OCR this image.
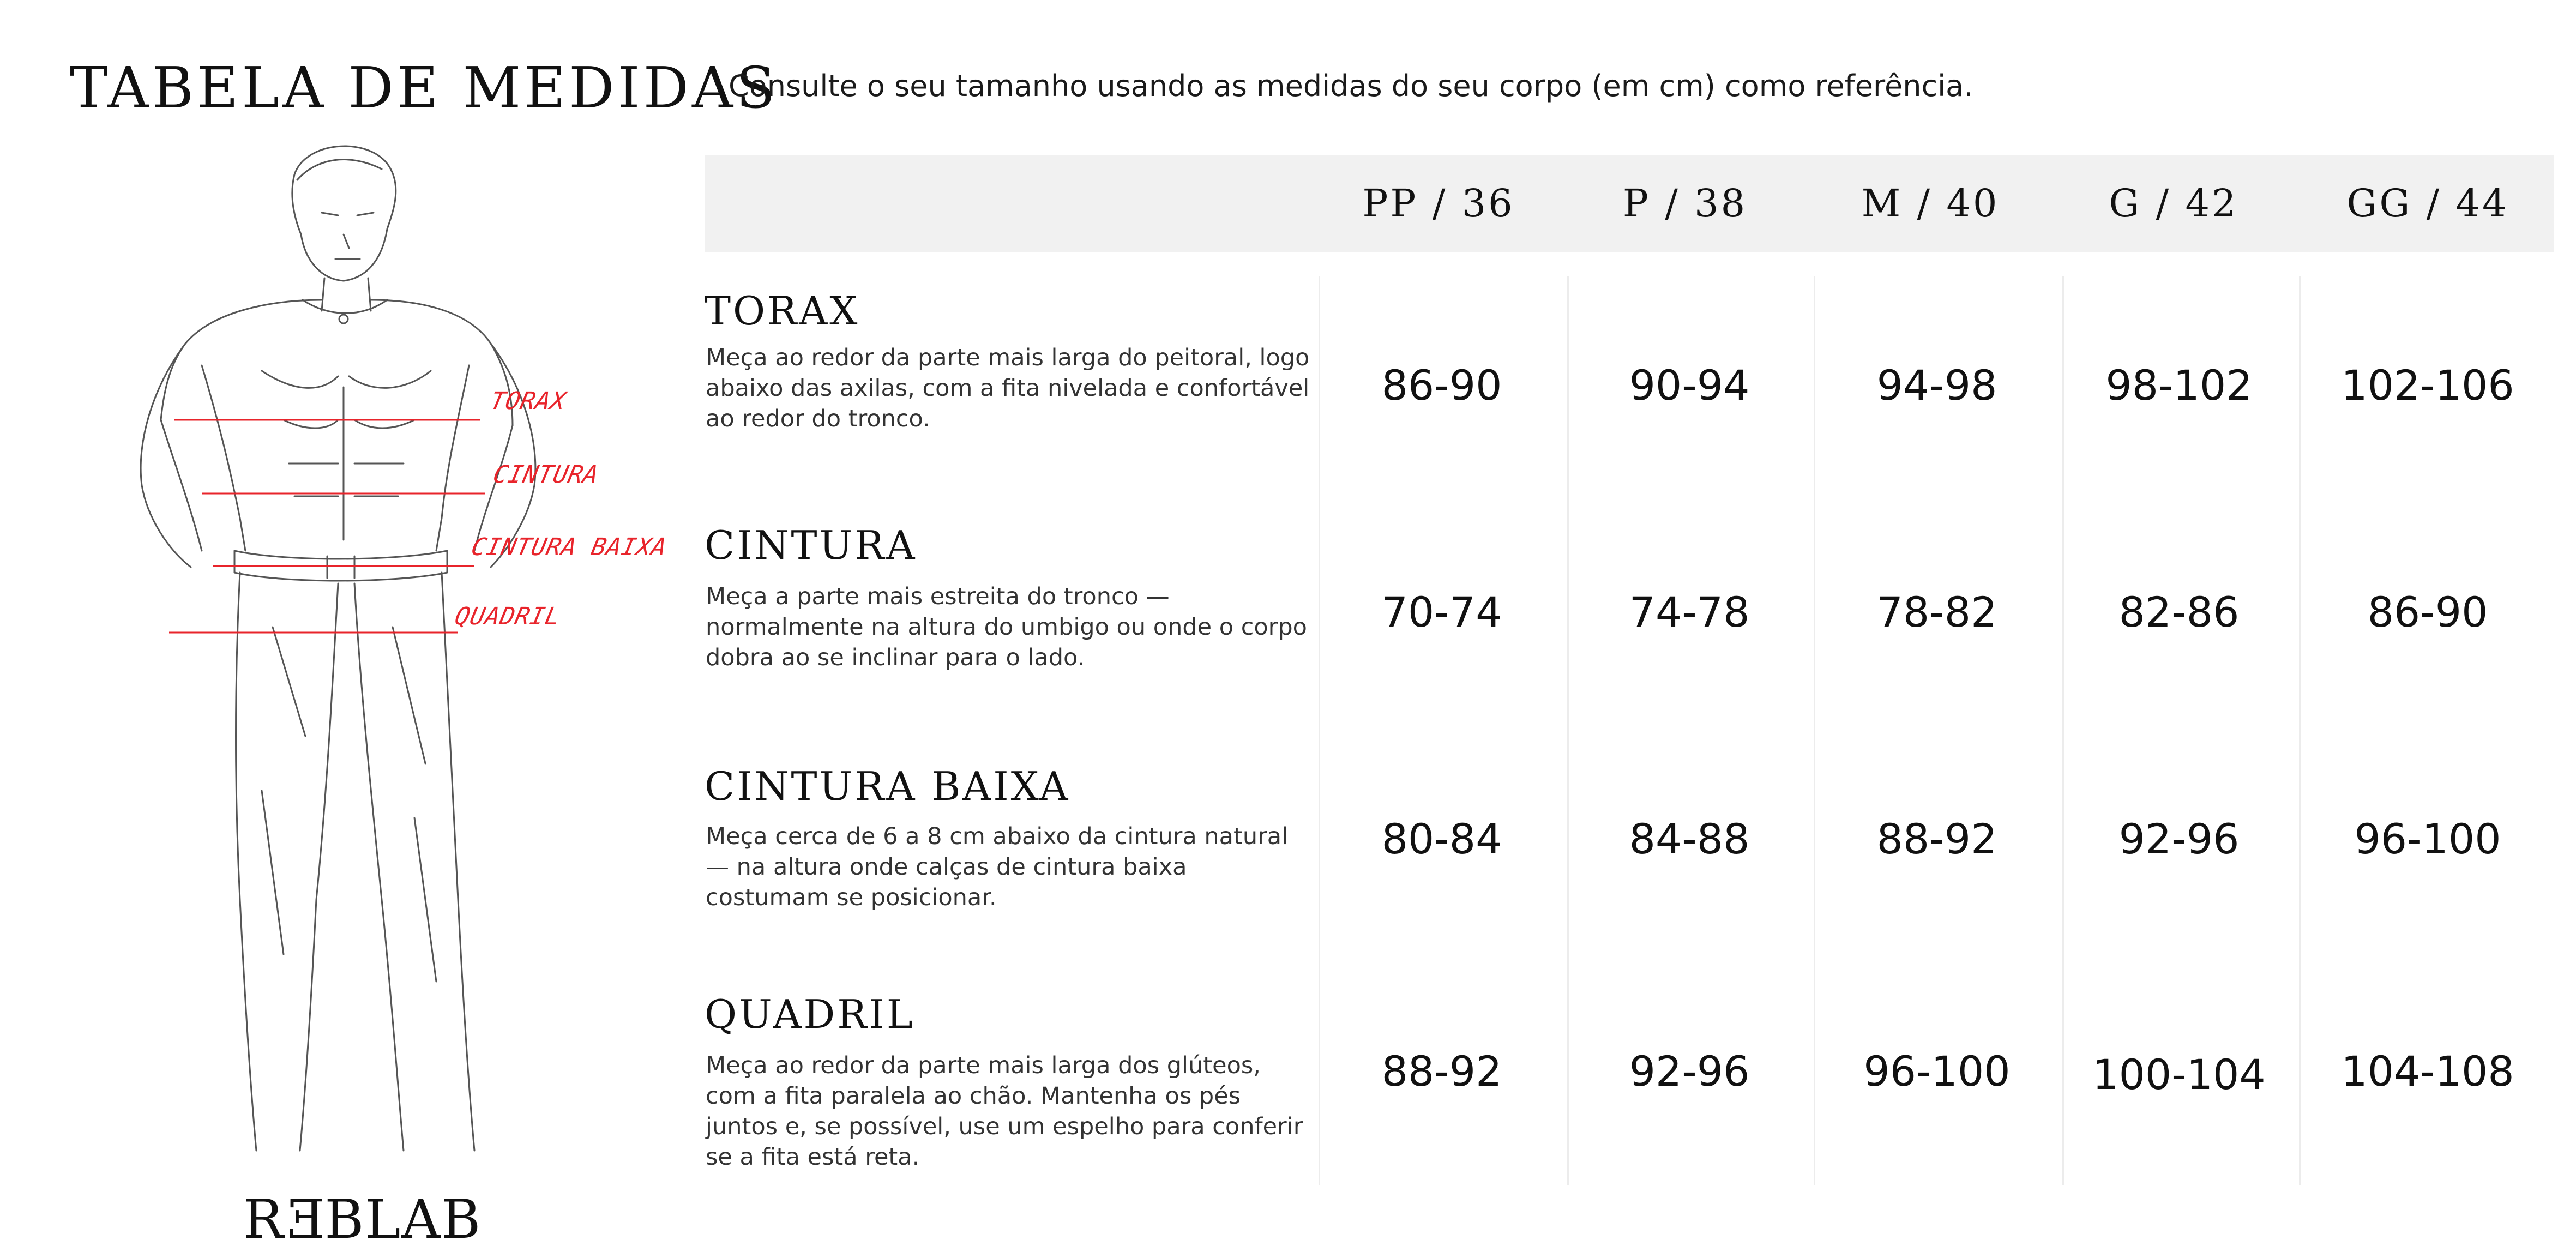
TABELA DE MEDIDAS
Consulte o seu tamanho usando as medidas do seu corpo (em cm) como referência.
TORAX
CINTURA
CINTURA BAIXA
QUADRIL
REBLAB
PP / 36	P / 38	M / 40	G / 42	GG / 44
TORAX
Meça ao redor da parte mais larga do peitoral, logo abaixo das axilas, com a fita nivelada e confortável ao redor do tronco.
86-90	90-94	94-98	98-102	102-106
CINTURA
Meça a parte mais estreita do tronco — normalmente na altura do umbigo ou onde o corpo dobra ao se inclinar para o lado.
70-74	74-78	78-82	82-86	86-90
CINTURA BAIXA
Meça cerca de 6 a 8 cm abaixo da cintura natural — na altura onde calças de cintura baixa costumam se posicionar.
80-84	84-88	88-92	92-96	96-100
QUADRIL
Meça ao redor da parte mais larga dos glúteos, com a fita paralela ao chão. Mantenha os pés juntos e, se possível, use um espelho para conferir se a fita está reta.
88-92	92-96	96-100	100-104	104-108
